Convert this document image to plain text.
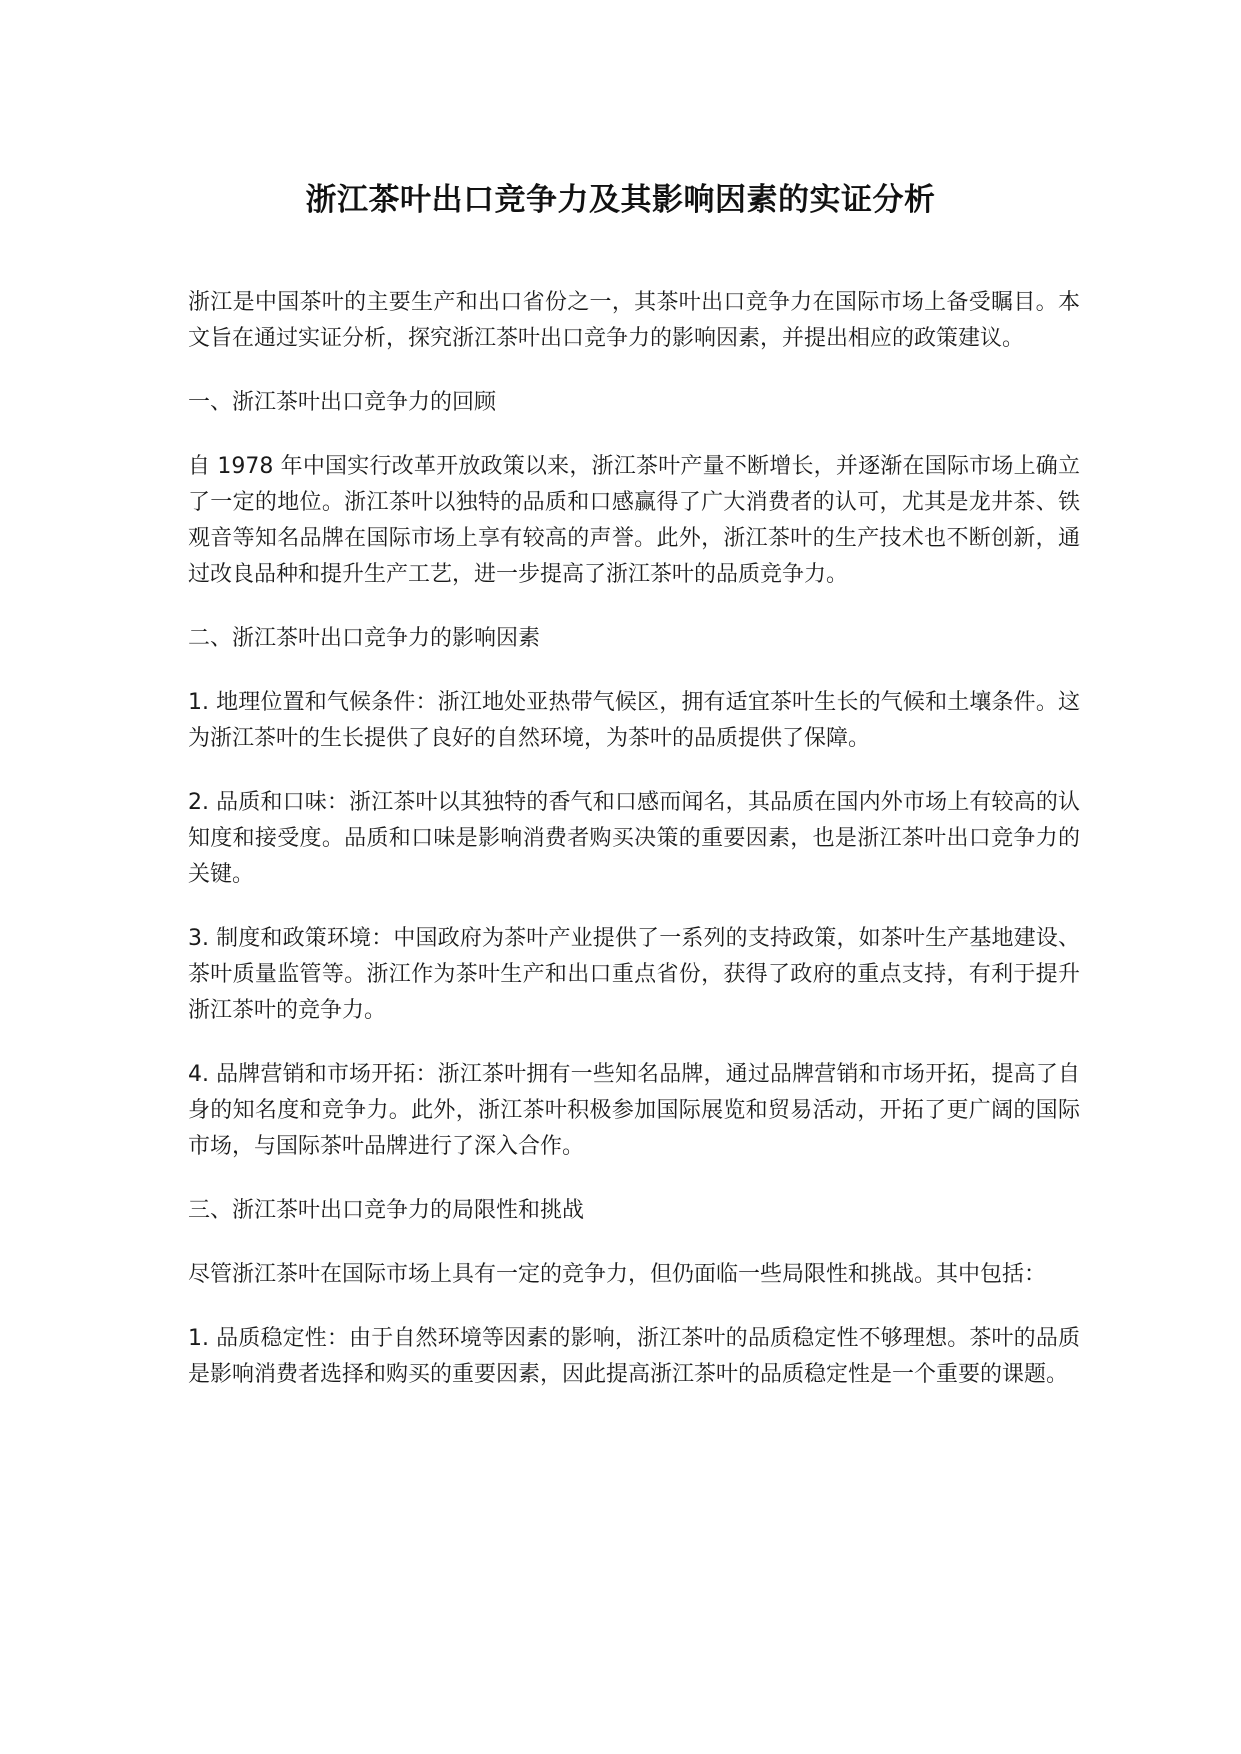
浙江茶叶出口竞争力及其影响因素的实证分析

浙江是中国茶叶的主要生产和出口省份之一，其茶叶出口竞争力在国际市场上备受瞩目。本文旨在通过实证分析，探究浙江茶叶出口竞争力的影响因素，并提出相应的政策建议。

一、浙江茶叶出口竞争力的回顾

自 1978 年中国实行改革开放政策以来，浙江茶叶产量不断增长，并逐渐在国际市场上确立了一定的地位。浙江茶叶以独特的品质和口感赢得了广大消费者的认可，尤其是龙井茶、铁观音等知名品牌在国际市场上享有较高的声誉。此外，浙江茶叶的生产技术也不断创新，通过改良品种和提升生产工艺，进一步提高了浙江茶叶的品质竞争力。

二、浙江茶叶出口竞争力的影响因素

1. 地理位置和气候条件：浙江地处亚热带气候区，拥有适宜茶叶生长的气候和土壤条件。这为浙江茶叶的生长提供了良好的自然环境，为茶叶的品质提供了保障。

2. 品质和口味：浙江茶叶以其独特的香气和口感而闻名，其品质在国内外市场上有较高的认知度和接受度。品质和口味是影响消费者购买决策的重要因素，也是浙江茶叶出口竞争力的关键。

3. 制度和政策环境：中国政府为茶叶产业提供了一系列的支持政策，如茶叶生产基地建设、茶叶质量监管等。浙江作为茶叶生产和出口重点省份，获得了政府的重点支持，有利于提升浙江茶叶的竞争力。

4. 品牌营销和市场开拓：浙江茶叶拥有一些知名品牌，通过品牌营销和市场开拓，提高了自身的知名度和竞争力。此外，浙江茶叶积极参加国际展览和贸易活动，开拓了更广阔的国际市场，与国际茶叶品牌进行了深入合作。

三、浙江茶叶出口竞争力的局限性和挑战

尽管浙江茶叶在国际市场上具有一定的竞争力，但仍面临一些局限性和挑战。其中包括：

1. 品质稳定性：由于自然环境等因素的影响，浙江茶叶的品质稳定性不够理想。茶叶的品质是影响消费者选择和购买的重要因素，因此提高浙江茶叶的品质稳定性是一个重要的课题。
